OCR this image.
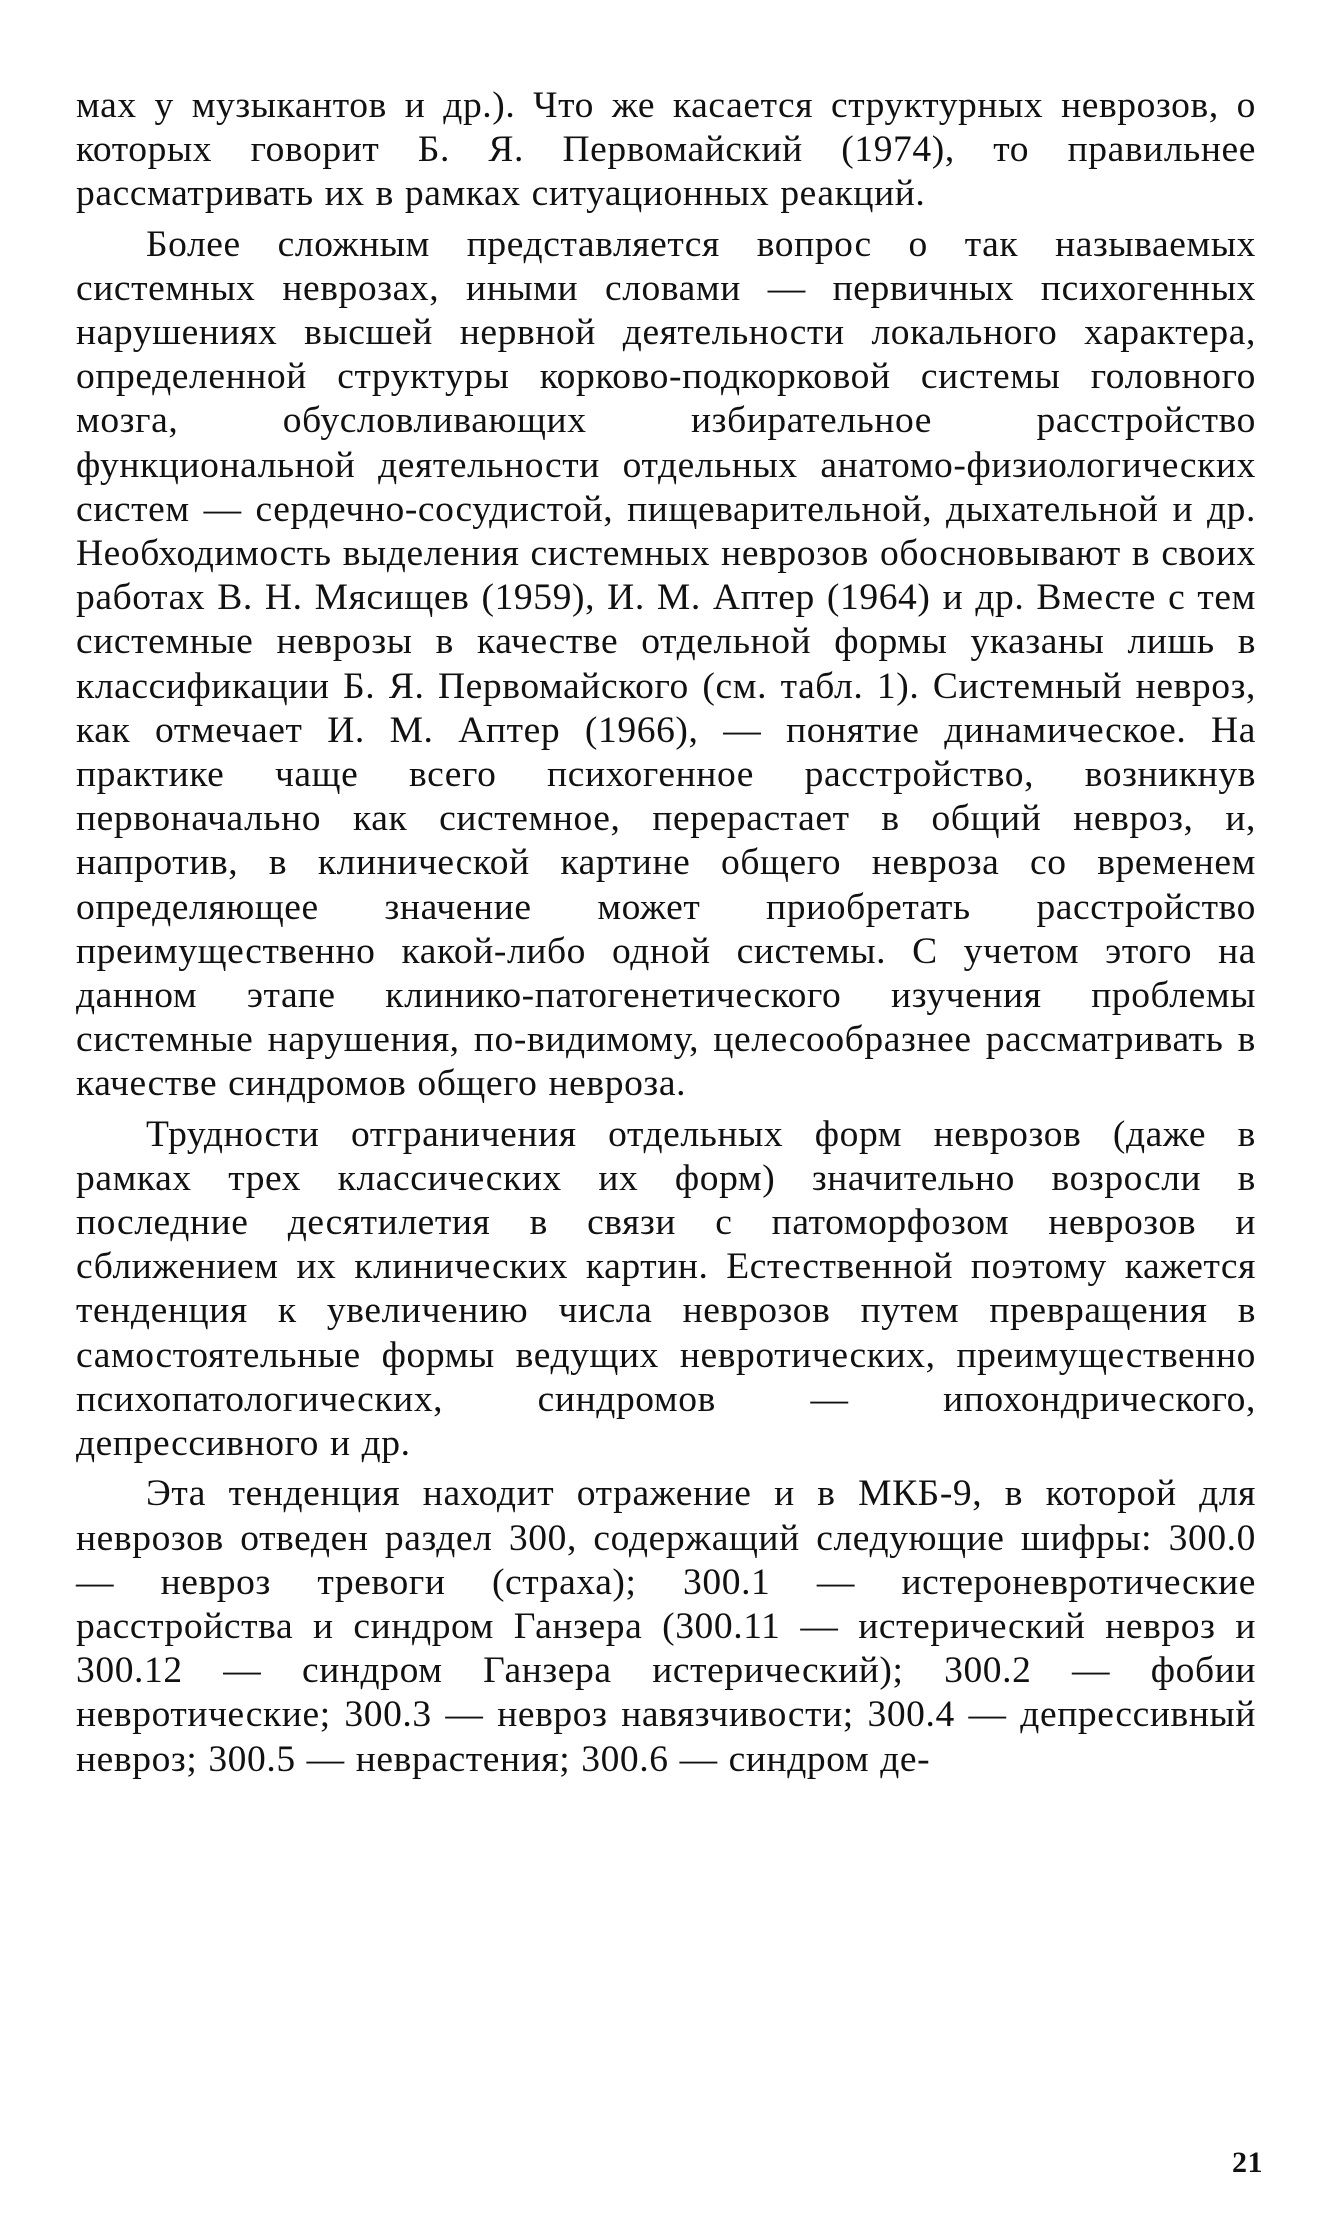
мах у музыкантов и др.). Что же касается структурных неврозов, о которых говорит Б. Я. Первомайский (1974), то правильнее рассматривать их в рамках ситуационных реакций.

Более сложным представляется вопрос о так называемых системных неврозах, иными словами — первичных психогенных нарушениях высшей нервной деятельности локального характера, определенной структуры корково-подкорковой системы головного мозга, обусловливающих избирательное расстройство функциональной деятельности отдельных анатомо-физиологических систем — сердечно-сосудистой, пищеварительной, дыхательной и др. Необходимость выделения системных неврозов обосновывают в своих работах В. Н. Мясищев (1959), И. М. Аптер (1964) и др. Вместе с тем системные неврозы в качестве отдельной формы указаны лишь в классификации Б. Я. Первомайского (см. табл. 1). Системный невроз, как отмечает И. М. Аптер (1966), — понятие динамическое. На практике чаще всего психогенное расстройство, возникнув первоначально как системное, перерастает в общий невроз, и, напротив, в клинической картине общего невроза со временем определяющее значение может приобретать расстройство преимущественно какой-либо одной системы. С учетом этого на данном этапе клинико-патогенетического изучения проблемы системные нарушения, по-видимому, целесообразнее рассматривать в качестве синдромов общего невроза.

Трудности отграничения отдельных форм неврозов (даже в рамках трех классических их форм) значительно возросли в последние десятилетия в связи с патоморфозом неврозов и сближением их клинических картин. Естественной поэтому кажется тенденция к увеличению числа неврозов путем превращения в самостоятельные формы ведущих невротических, преимущественно психопатологических, синдромов — ипохондрического, депрессивного и др.

Эта тенденция находит отражение и в МКБ-9, в которой для неврозов отведен раздел 300, содержащий следующие шифры: 300.0 — невроз тревоги (страха); 300.1 — истероневротические расстройства и синдром Ганзера (300.11 — истерический невроз и 300.12 — синдром Ганзера истерический); 300.2 — фобии невротические; 300.3 — невроз навязчивости; 300.4 — депрессивный невроз; 300.5 — неврастения; 300.6 — синдром де-

21
